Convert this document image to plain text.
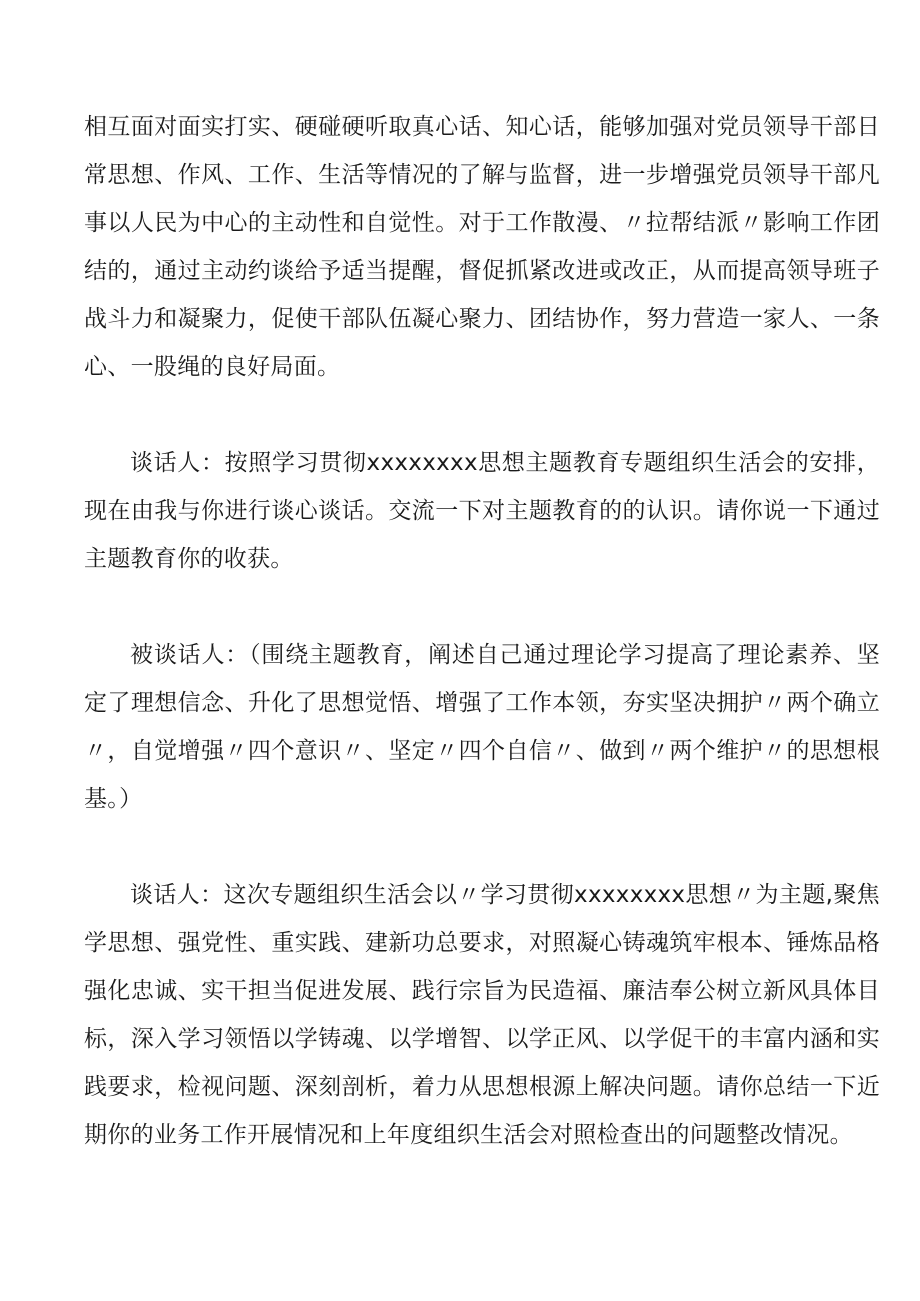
相互面对面实打实、硬碰硬听取真心话、知心话，能够加强对党员领导干部日常思想、作风、工作、生活等情况的了解与监督，进一步增强党员领导干部凡事以人民为中心的主动性和自觉性。对于工作散漫、〃拉帮结派〃影响工作团结的，通过主动约谈给予适当提醒，督促抓紧改进或改正，从而提高领导班子战斗力和凝聚力，促使干部队伍凝心聚力、团结协作，努力营造一家人、一条心、一股绳的良好局面。

谈话人：按照学习贯彻xxxxxxxx思想主题教育专题组织生活会的安排，现在由我与你进行谈心谈话。交流一下对主题教育的的认识。请你说一下通过主题教育你的收获。

被谈话人：（围绕主题教育，阐述自己通过理论学习提高了理论素养、坚定了理想信念、升化了思想觉悟、增强了工作本领，夯实坚决拥护〃两个确立〃，自觉增强〃四个意识〃、坚定〃四个自信〃、做到〃两个维护〃的思想根基。）

谈话人：这次专题组织生活会以〃学习贯彻xxxxxxxx思想〃为主题,聚焦学思想、强党性、重实践、建新功总要求，对照凝心铸魂筑牢根本、锤炼品格强化忠诚、实干担当促进发展、践行宗旨为民造福、廉洁奉公树立新风具体目标，深入学习领悟以学铸魂、以学增智、以学正风、以学促干的丰富内涵和实践要求，检视问题、深刻剖析，着力从思想根源上解决问题。请你总结一下近期你的业务工作开展情况和上年度组织生活会对照检查出的问题整改情况。
